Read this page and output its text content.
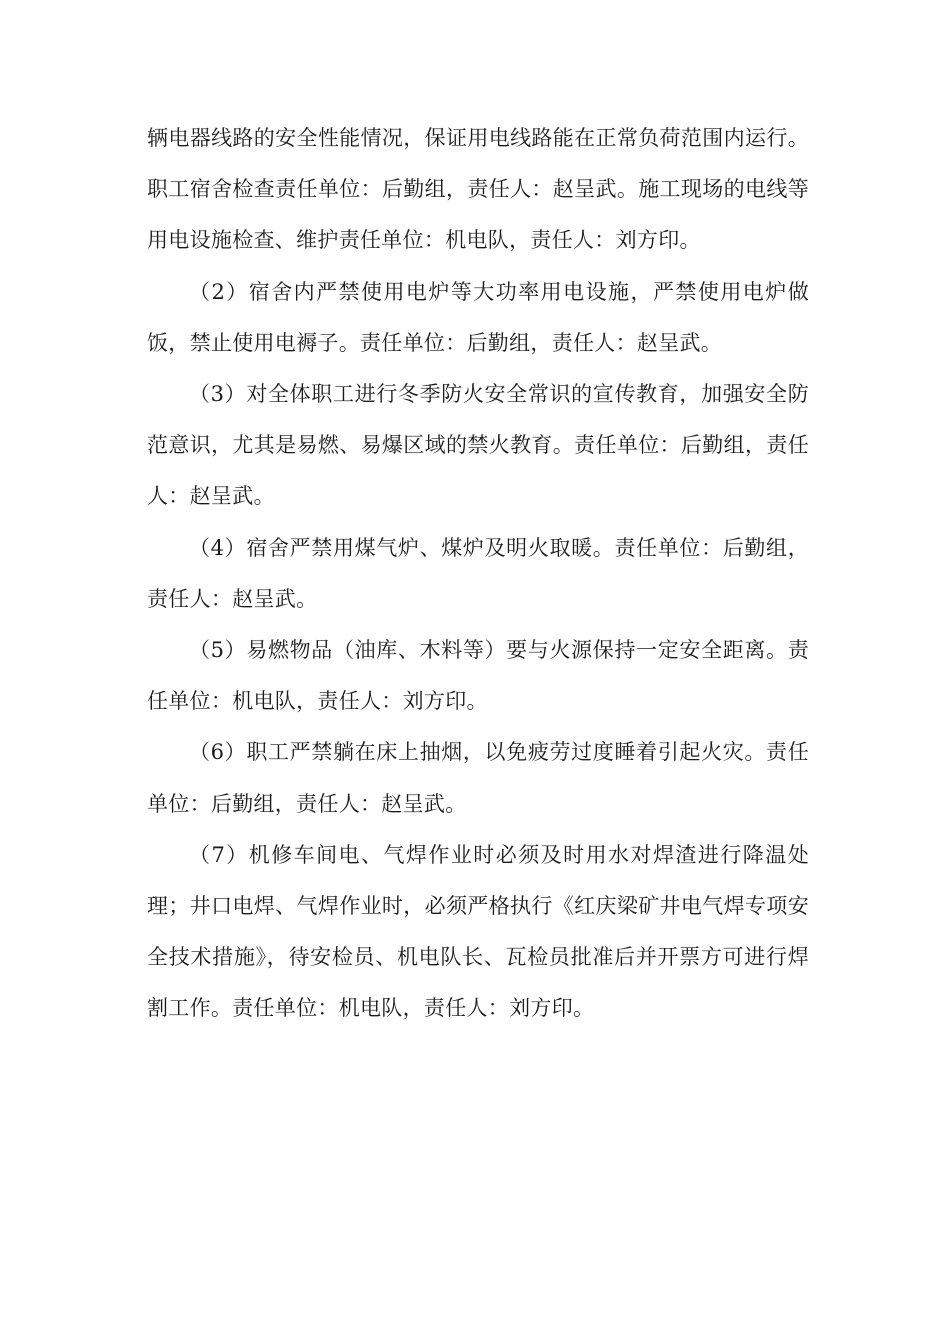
辆电器线路的安全性能情况，保证用电线路能在正常负荷范围内运行。职工宿舍检查责任单位：后勤组，责任人：赵呈武。施工现场的电线等用电设施检查、维护责任单位：机电队，责任人：刘方印。

（2）宿舍内严禁使用电炉等大功率用电设施，严禁使用电炉做饭，禁止使用电褥子。责任单位：后勤组，责任人：赵呈武。

（3）对全体职工进行冬季防火安全常识的宣传教育，加强安全防范意识，尤其是易燃、易爆区域的禁火教育。责任单位：后勤组，责任人：赵呈武。

（4）宿舍严禁用煤气炉、煤炉及明火取暖。责任单位：后勤组，责任人：赵呈武。

（5）易燃物品（油库、木料等）要与火源保持一定安全距离。责任单位：机电队，责任人：刘方印。

（6）职工严禁躺在床上抽烟，以免疲劳过度睡着引起火灾。责任单位：后勤组，责任人：赵呈武。

（7）机修车间电、气焊作业时必须及时用水对焊渣进行降温处理；井口电焊、气焊作业时，必须严格执行《红庆梁矿井电气焊专项安全技术措施》，待安检员、机电队长、瓦检员批准后并开票方可进行焊割工作。责任单位：机电队，责任人：刘方印。
